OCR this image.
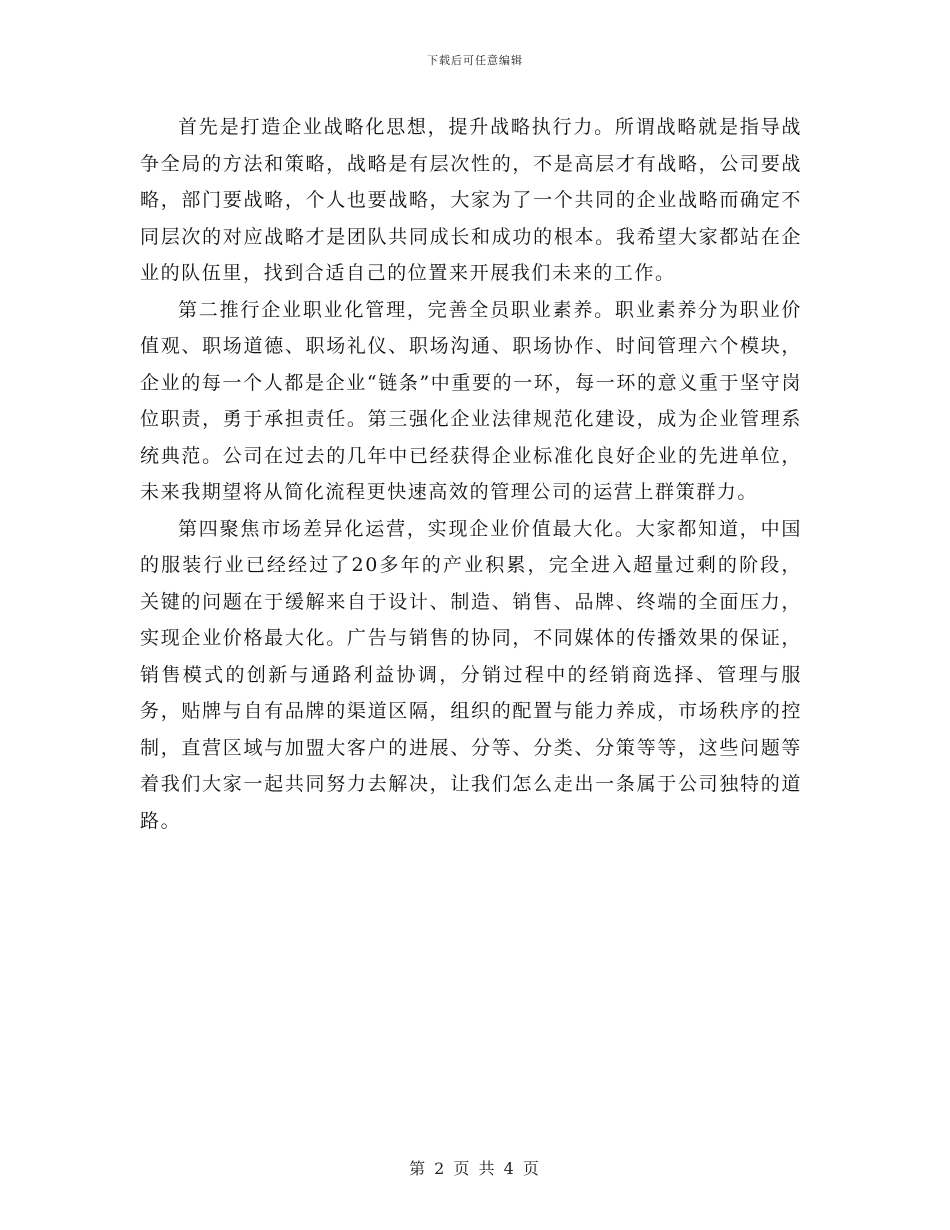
下载后可任意编辑

首先是打造企业战略化思想，提升战略执行力。所谓战略就是指导战争全局的方法和策略，战略是有层次性的，不是高层才有战略，公司要战略，部门要战略，个人也要战略，大家为了一个共同的企业战略而确定不同层次的对应战略才是团队共同成长和成功的根本。我希望大家都站在企业的队伍里，找到合适自己的位置来开展我们未来的工作。

第二推行企业职业化管理，完善全员职业素养。职业素养分为职业价值观、职场道德、职场礼仪、职场沟通、职场协作、时间管理六个模块，企业的每一个人都是企业“链条”中重要的一环，每一环的意义重于坚守岗位职责，勇于承担责任。第三强化企业法律规范化建设，成为企业管理系统典范。公司在过去的几年中已经获得企业标准化良好企业的先进单位，未来我期望将从简化流程更快速高效的管理公司的运营上群策群力。

第四聚焦市场差异化运营，实现企业价值最大化。大家都知道，中国的服装行业已经经过了20多年的产业积累，完全进入超量过剩的阶段，关键的问题在于缓解来自于设计、制造、销售、品牌、终端的全面压力，实现企业价格最大化。广告与销售的协同，不同媒体的传播效果的保证，销售模式的创新与通路利益协调，分销过程中的经销商选择、管理与服务，贴牌与自有品牌的渠道区隔，组织的配置与能力养成，市场秩序的控制，直营区域与加盟大客户的进展、分等、分类、分策等等，这些问题等着我们大家一起共同努力去解决，让我们怎么走出一条属于公司独特的道路。

第 2 页 共 4 页
